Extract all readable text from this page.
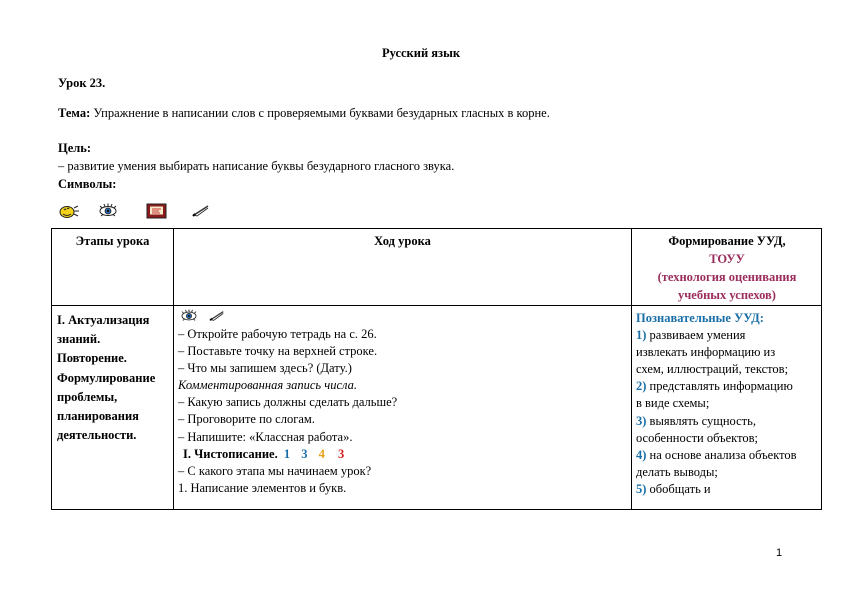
Русский язык
Урок 23.
Тема: Упражнение в написании слов с проверяемыми буквами безударных гласных в корне.
Цель:
– развитие умения выбирать написание буквы безударного гласного звука.
Символы:
Этапы урока	Ход урока	Формирование УУД,
ТОУУ
(технология оценивания
учебных успехов)
I. Актуализация
знаний.
Повторение.
Формулирование
проблемы,
планирования
деятельности.
– Откройте рабочую тетрадь на с. 26.
– Поставьте точку на верхней строке.
– Что мы запишем здесь? (Дату.)
Комментированная запись числа.
– Какую запись должны сделать дальше?
– Проговорите по слогам.
– Напишите: «Классная работа».
I. Чистописание. 1 3 4 3
– С какого этапа мы начинаем урок?
1. Написание элементов и букв.
Познавательные УУД:
1) развиваем умения
извлекать информацию из
схем, иллюстраций, текстов;
2) представлять информацию
в виде схемы;
3) выявлять сущность,
особенности объектов;
4) на основе анализа объектов
делать выводы;
5) обобщать и
1
